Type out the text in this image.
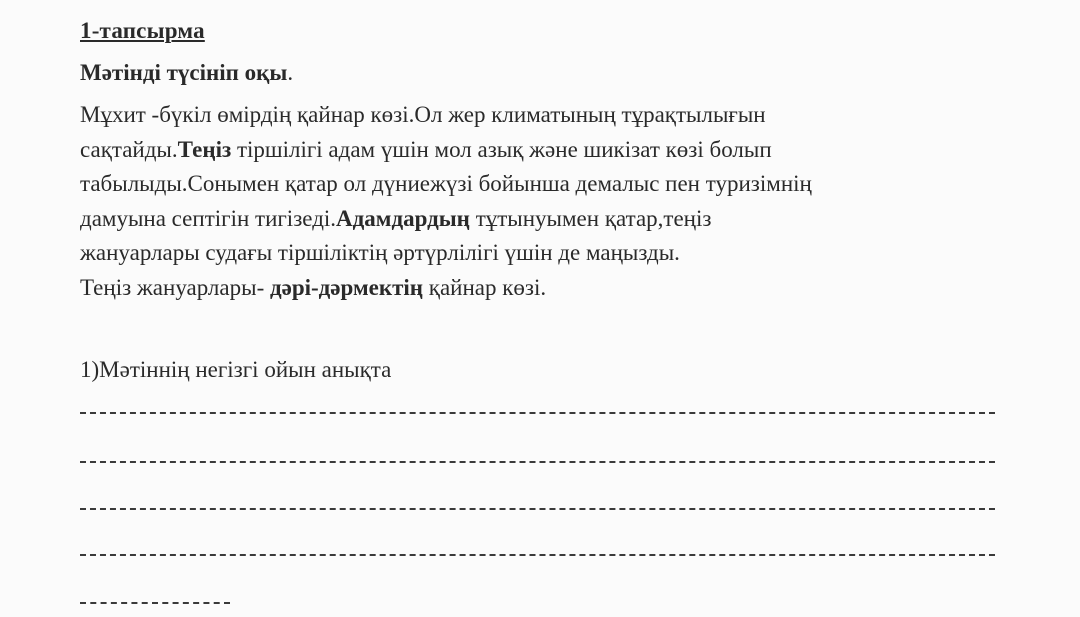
1-тапсырма
Мәтінді түсініп оқы.
Мұхит -бүкіл өмірдің қайнар көзі.Ол жер климатының тұрақтылығын
сақтайды.Теңіз тіршілігі адам үшін мол азық және шикізат көзі болып
табылыды.Сонымен қатар ол дүниежүзі бойынша демалыс пен туризімнің
дамуына септігін тигізеді.Адамдардың тұтынуымен қатар,теңіз
жануарлары судағы тіршіліктің әртүрлілігі үшін де маңызды.
Теңіз жануарлары- дәрі-дәрмектің қайнар көзі.
1)Мәтіннің негізгі ойын анықта
